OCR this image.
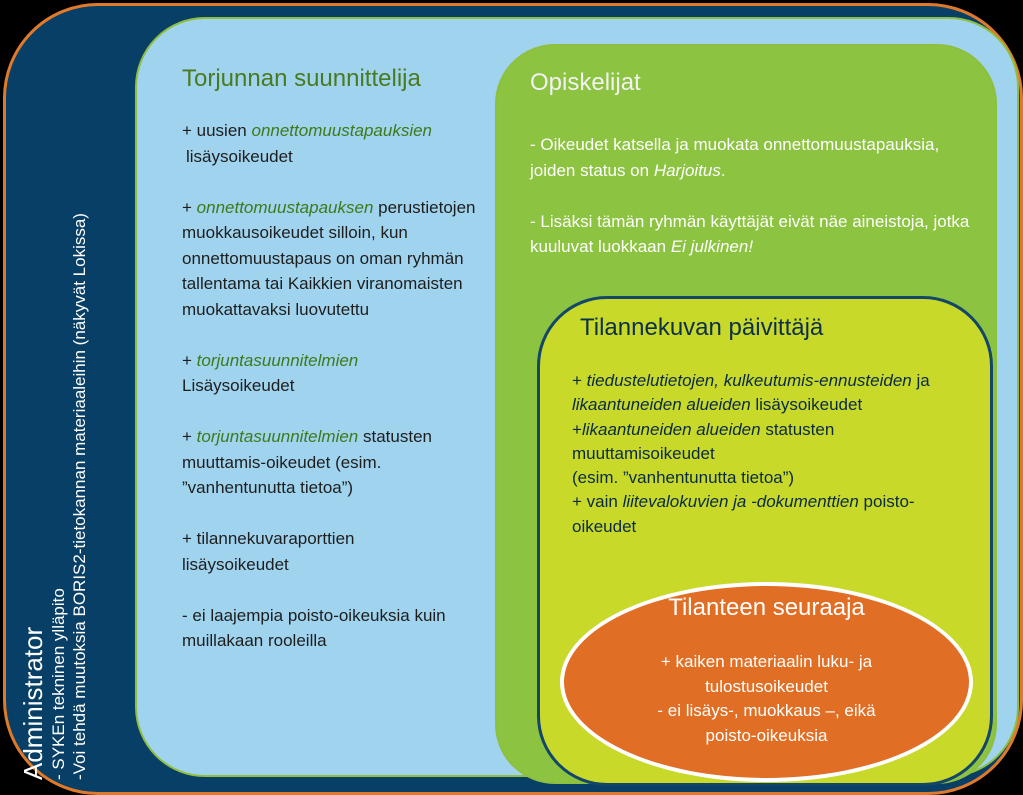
Administrator - SYKEn tekninen ylläpito -Voi tehdä muutoksia BORIS2-tietokannan materiaaleihin (näkyvät Lokissa)
Torjunnan suunnittelija

+ uusien onnettomuustapauksien
lisäysoikeudet

+ onnettomuustapauksen perustietojen muokkausoikeudet silloin, kun onnettomuustapaus on oman ryhmän tallentama tai Kaikkien viranomaisten muokattavaksi luovutettu

+ torjuntasuunnitelmien
Lisäysoikeudet

+ torjuntasuunnitelmien statusten muuttamis-oikeudet (esim. ”vanhentunutta tietoa”)

+ tilannekuvaraporttien lisäysoikeudet

- ei laajempia poisto-oikeuksia kuin muillakaan rooleilla

Opiskelijat

- Oikeudet katsella ja muokata onnettomuustapauksia, joiden status on Harjoitus.

- Lisäksi tämän ryhmän käyttäjät eivät näe aineistoja, jotka kuuluvat luokkaan Ei julkinen!

Tilannekuvan päivittäjä
+ tiedustelutietojen, kulkeutumis-ennusteiden ja likaantuneiden alueiden lisäysoikeudet
+likaantuneiden alueiden statusten muuttamisoikeudet
(esim. ”vanhentunutta tietoa”)
+ vain liitevalokuvien ja -dokumenttien poisto-oikeudet
Tilanteen seuraaja
+ kaiken materiaalin luku- ja tulostusoikeudet
- ei lisäys-, muokkaus –, eikä poisto-oikeuksia
